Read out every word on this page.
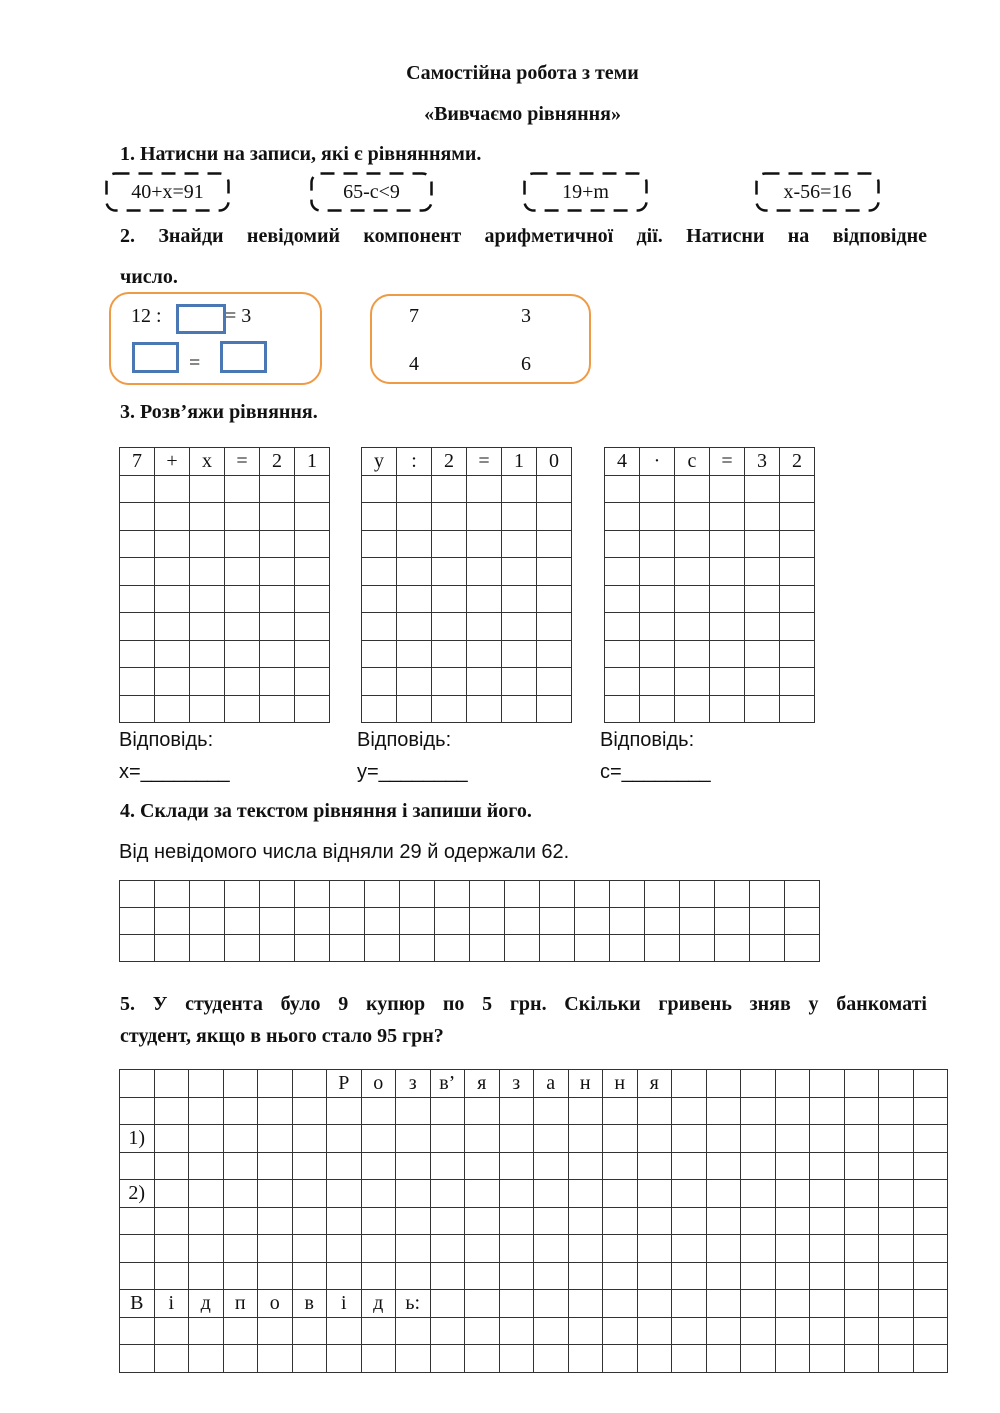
Самостійна робота з теми
«Вивчаємо рівняння»
1. Натисни на записи, які є рівняннями.
40+x=91	65-c<9	19+m	x-56=16
2. Знайди невідомий компонент арифметичної дії. Натисни на відповідне
число.
12 :	= 3
=
7	3
4	6
3. Розв’яжи рівняння.
7	+	x	=	2	1

						y	:	2	=	1	0

						4	·	c	=	3	2

Відповідь:
x=________
Відповідь:
y=________
Відповідь:
c=________
4. Склади за текстом рівняння і запиши його.
Від невідомого числа відняли 29 й одержали 62.

5. У студента було 9 купюр по 5 грн. Скільки гривень зняв у банкоматі
студент, якщо в нього стало 95 грн?
						Р	о	з	в’	я	з	а	н	н	я								

1)																							

2)																							

В	і	д	п	о	в	і	д	ь:															
